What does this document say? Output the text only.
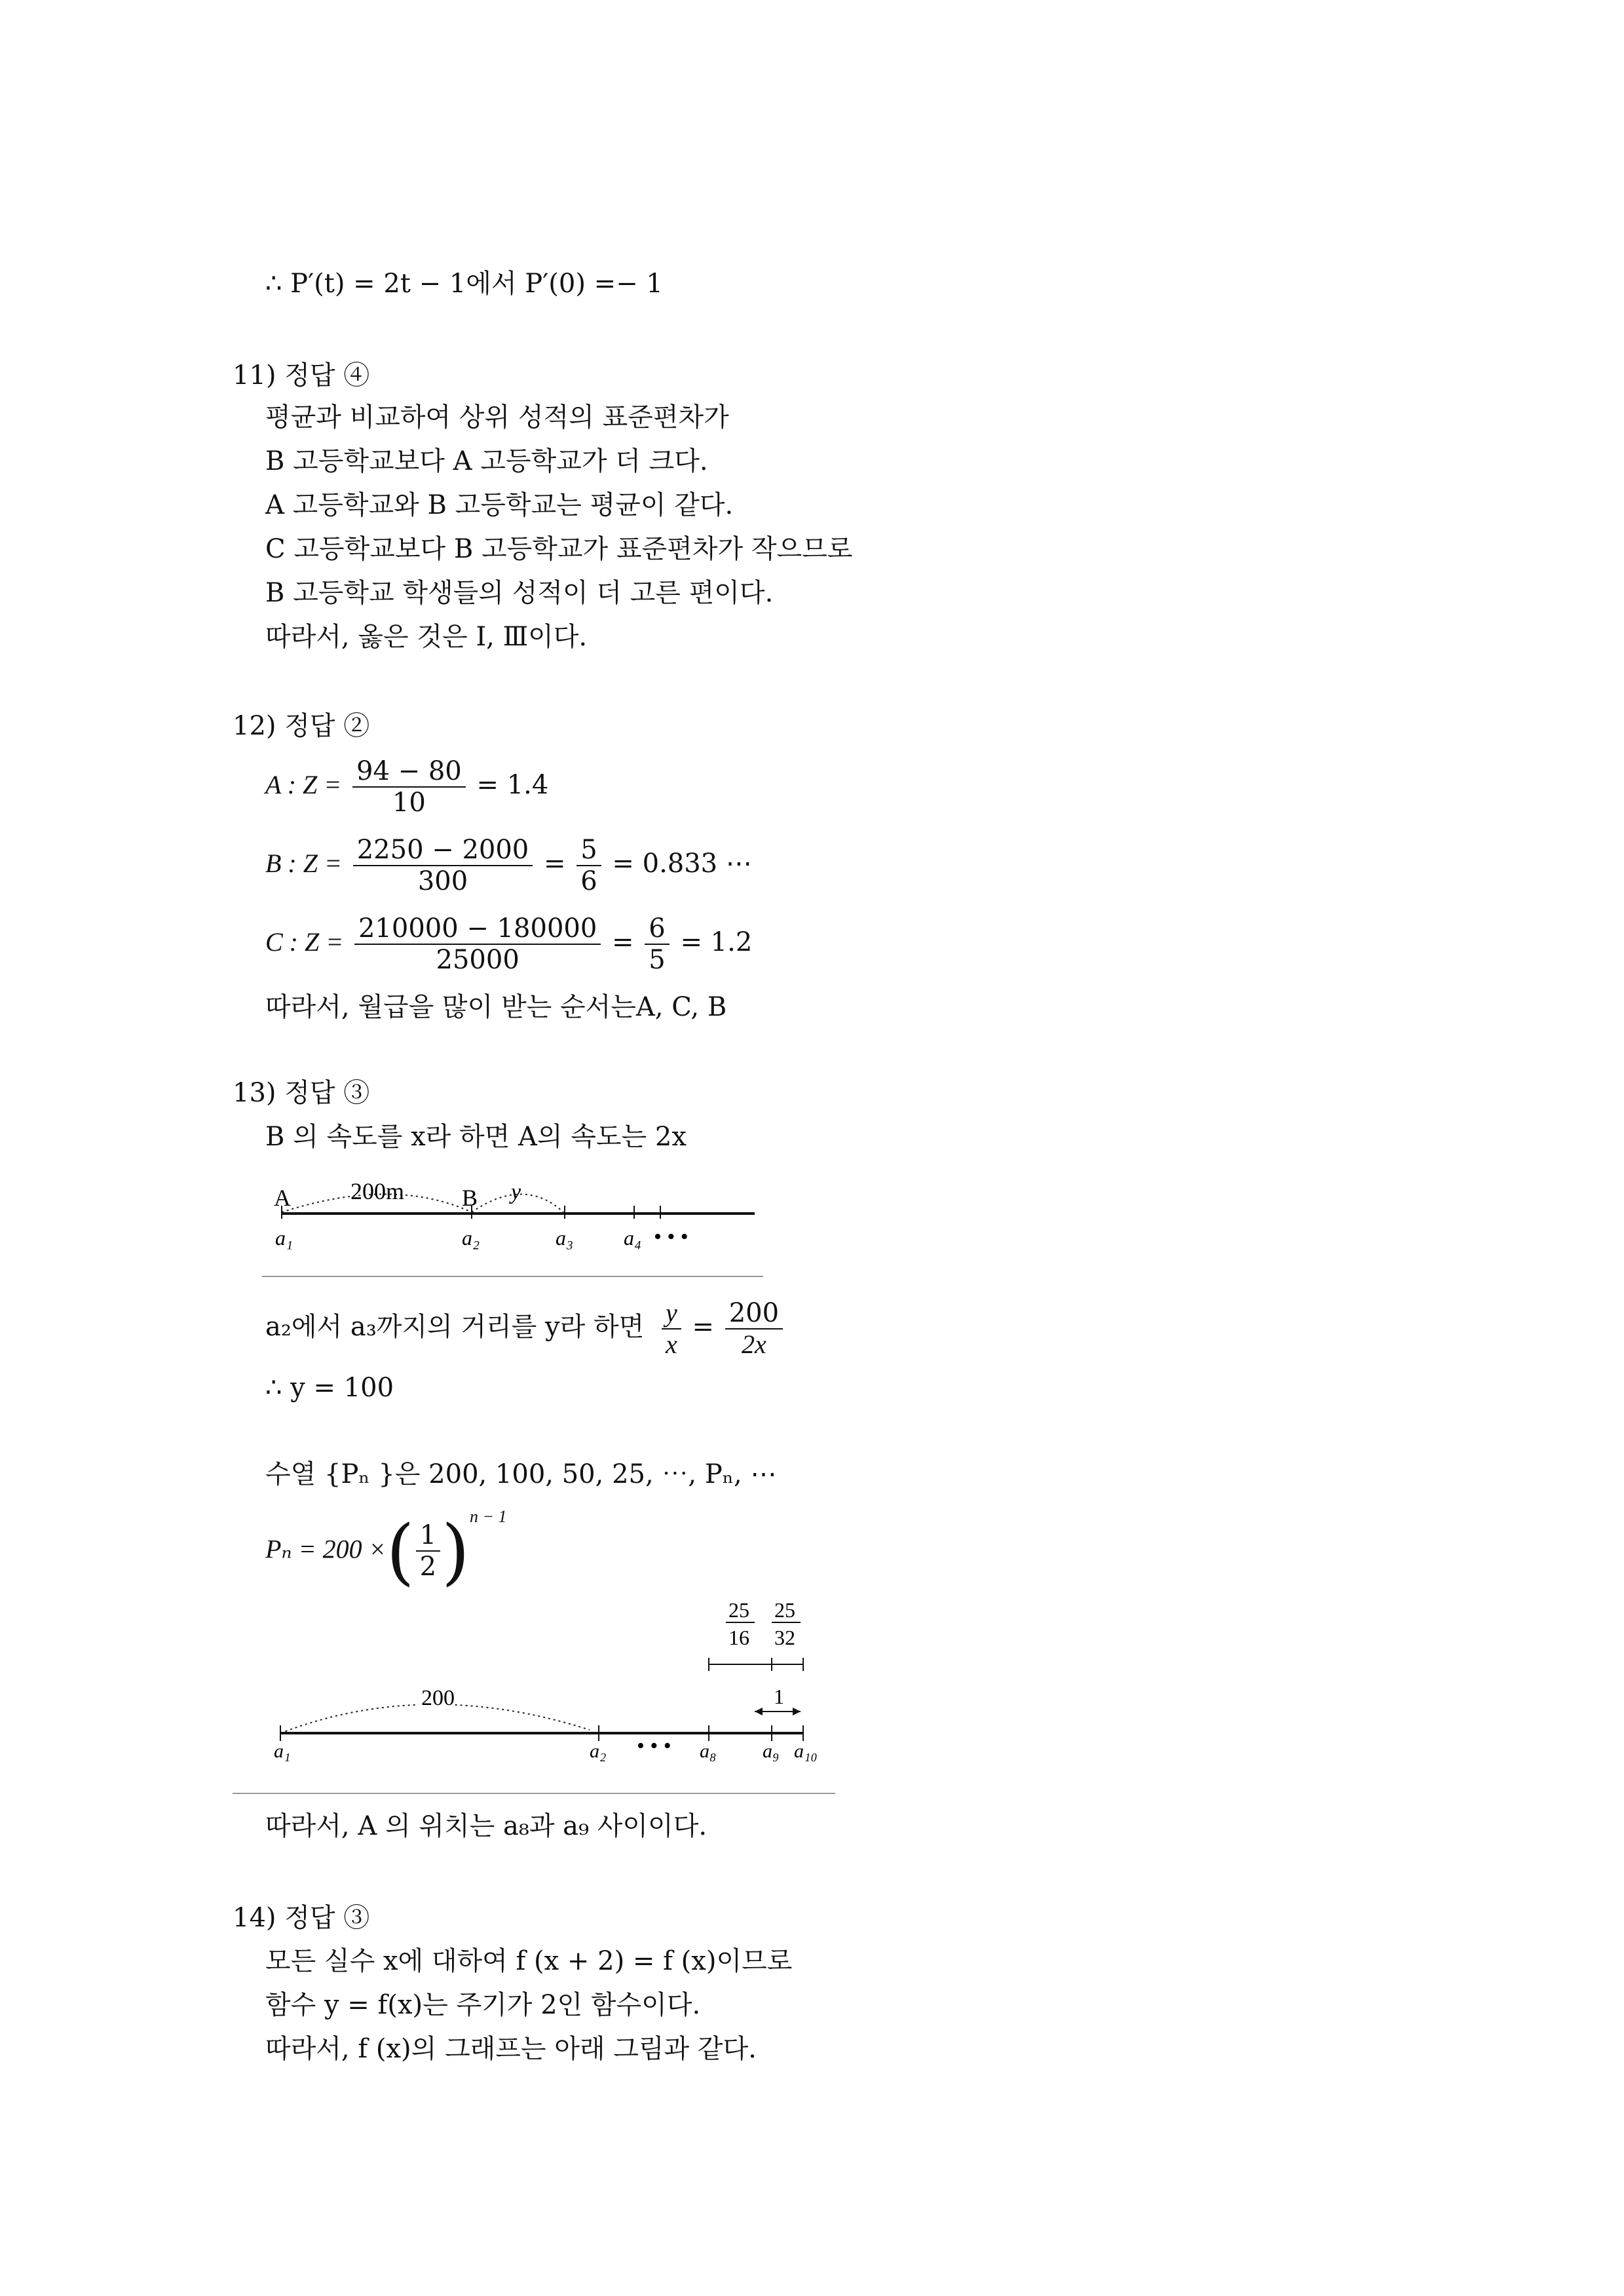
∴ P′(t) = 2t − 1에서 P′(0) =− 1
11) 정답 ④
평균과 비교하여 상위 성적의 표준편차가
B 고등학교보다 A 고등학교가 더 크다.
A 고등학교와 B 고등학교는 평균이 같다.
C 고등학교보다 B 고등학교가 표준편차가 작으므로
B 고등학교 학생들의 성적이 더 고른 편이다.
따라서, 옳은 것은 Ⅰ, Ⅲ이다.
12) 정답 ②
A : $Z = \frac{94 - 80}{10} = 1.4$
B : $Z = \frac{2250 - 2000}{300} = \frac{5}{6} = 0.833$ ⋯
C : $Z = \frac{210000 - 180000}{25000} = \frac{6}{5} = 1.2$
따라서, 월급을 많이 받는 순서는A, C, B
13) 정답 ③
B 의 속도를 x라 하면 A의 속도는 2x
A	200m B y
a₁	a₂	a₃ a₄ • • •
a₂에서 a₃까지의 거리를 y라 하면 $\frac{y}{x} = \frac{200}{2x}$
∴ y = 100
수열 {Pₙ }은 200, 100, 50, 25, ⋯, Pₙ, ⋯
Pₙ = 200 ×( $\frac{1}{2} )^{n - 1}$
25
16
25
32
1
200
a₁	a₂ • • • a₈ a₉ a₁₀
따라서, A 의 위치는 a₈과 a₉ 사이이다.
14) 정답 ③
모든 실수 x에 대하여 f (x + 2) = f (x)이므로
함수 y = f(x)는 주기가 2인 함수이다.
따라서, f (x)의 그래프는 아래 그림과 같다.
